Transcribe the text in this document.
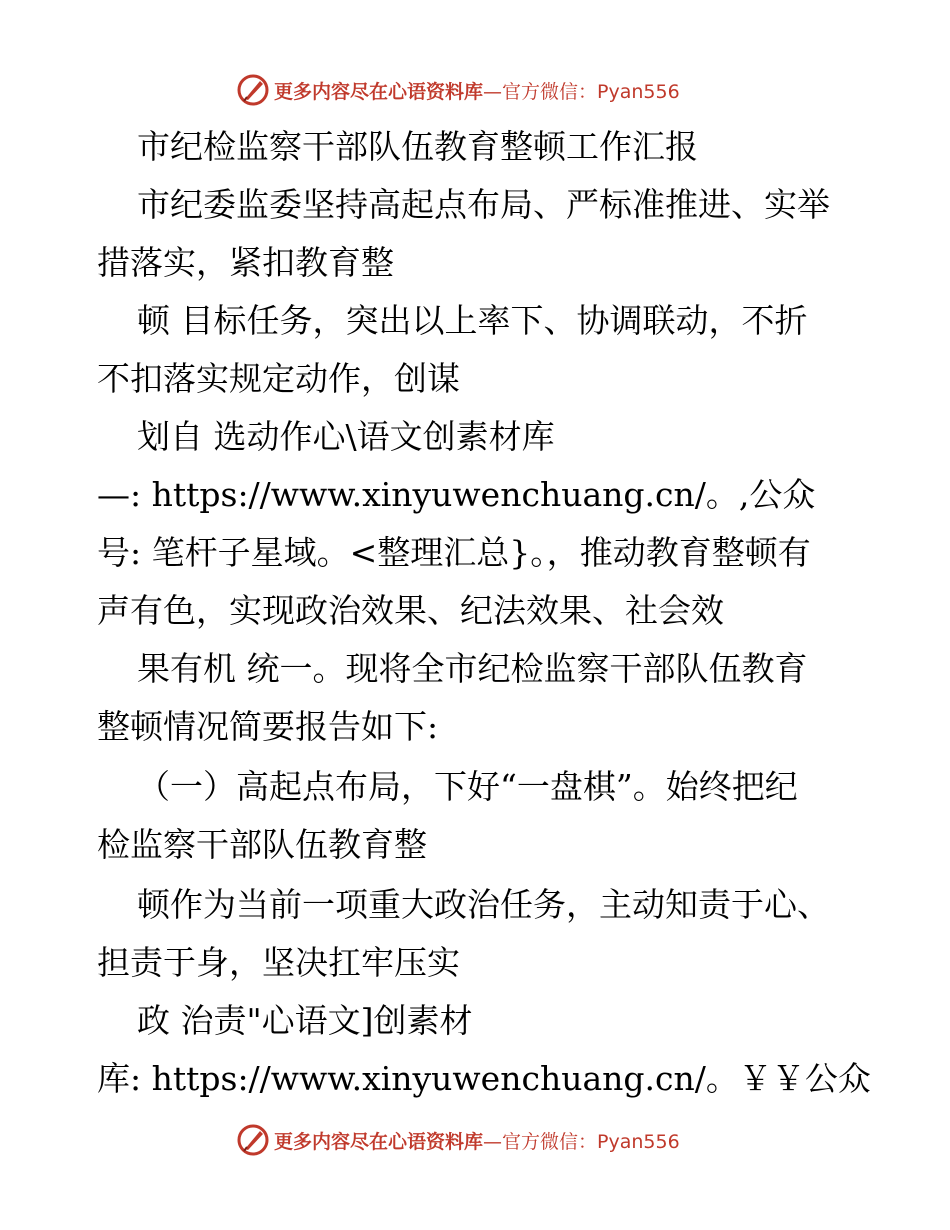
更多内容尽在心语资料库—官方微信：Pyan556
市纪检监察干部队伍教育整顿工作汇报
市纪委监委坚持高起点布局、严标准推进、实举
措落实，紧扣教育整
顿 目标任务，突出以上率下、协调联动，不折
不扣落实规定动作，创谋
划自 选动作心\语文创素材库
—: https://www.xinyuwenchuang.cn/。,公众
号: 笔杆子星域。<整理汇总}。，推动教育整顿有
声有色，实现政治效果、纪法效果、社会效
果有机 统一。现将全市纪检监察干部队伍教育
整顿情况简要报告如下:
（一）高起点布局，下好“一盘棋”。始终把纪
检监察干部队伍教育整
顿作为当前一项重大政治任务，主动知责于心、
担责于身，坚决扛牢压实
政 治责"心语文]创素材
库: https://www.xinyuwenchuang.cn/。￥￥公众
更多内容尽在心语资料库—官方微信：Pyan556
